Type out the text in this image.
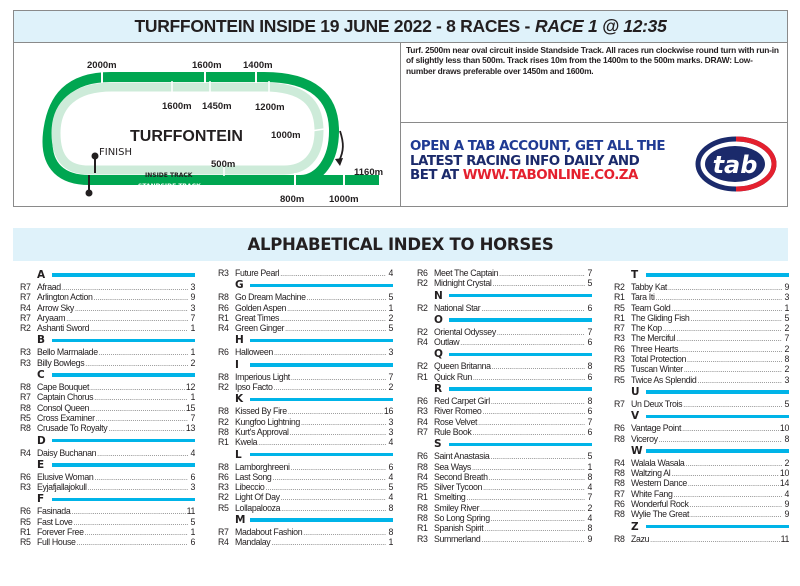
TURFFONTEIN INSIDE 19 JUNE 2022 - 8 RACES - RACE 1 @ 12:35
2000m	1600m 1400m
1160m
800m	1000m
1600m 1450m 1200m
1000m
500m
TURFFONTEIN
FINISH
INSIDE TRACK
STANDSIDE TRACK
Turf. 2500m near oval circuit inside Standside Track. All races run clockwise round turn with run-in of slightly less than 500m. Track rises 10m from the 1400m to the 500m marks. DRAW: Low-number draws preferable over 1450m and 1600m.
OPEN A TAB ACCOUNT, GET ALL THE
LATEST RACING INFO DAILY AND
BET AT WWW.TABONLINE.CO.ZA	tab
ALPHABETICAL INDEX TO HORSES
A
R7 Afraad .....	3
R7 Arlington Action .....	9
R4 Arrow Sky .....	3
R7 Aryaam .....	7
R2 Ashanti Sword .....	1
B
R3 Bello Marmalade .....	1
R3 Billy Bowlegs .....	2
C
R8 Cape Bouquet .....	12
R7 Captain Chorus .....	1
R8 Consol Queen .....	15
R5 Cross Examiner .....	7
R8 Crusade To Royalty .....	13
D
R4 Daisy Buchanan .....	4
E
R6 Elusive Woman .....	6
R3 Eyjafjallajokull .....	3
F
R6 Fasinada .....	11
R5 Fast Love .....	5
R1 Forever Free .....	1
R5 Full House .....	6
R3 Future Pearl .....	4
G
R8 Go Dream Machine .....	5
R6 Golden Aspen .....	1
R1 Great Times .....	2
R4 Green Ginger .....	5
H
R6 Halloween .....	3
I
R8 Imperious Light .....	7
R2 Ipso Facto .....	2
K
R8 Kissed By Fire .....	16
R2 Kungfoo Lightning .....	3
R8 Kurt's Approval .....	3
R1 Kwela .....	4
L
R8 Lamborghreeni .....	6
R6 Last Song .....	4
R3 Libeccio .....	5
R2 Light Of Day .....	4
R5 Lollapalooza .....	8
M
R7 Madabout Fashion .....	8
R4 Mandalay .....	1
R6 Meet The Captain .....	7
R2 Midnight Crystal .....	5
N
R2 National Star .....	6
O
R2 Oriental Odyssey .....	7
R4 Outlaw .....	6
Q
R2 Queen Britanna .....	8
R1 Quick Run .....	6
R
R6 Red Carpet Girl .....	8
R3 River Romeo .....	6
R4 Rose Velvet .....	7
R7 Rule Book .....	6
S
R6 Saint Anastasia .....	5
R8 Sea Ways .....	1
R4 Second Breath .....	8
R5 Silver Tycoon .....	4
R1 Smelting .....	7
R8 Smiley River .....	2
R8 So Long Spring .....	4
R1 Spanish Spirit .....	8
R3 Summerland .....	9
T
R2 Tabby Kat .....	9
R1 Tara Iti .....	3
R5 Team Gold .....	1
R1 The Gliding Fish .....	5
R7 The Kop .....	2
R3 The Merciful .....	7
R6 Three Hearts .....	2
R3 Total Protection .....	8
R5 Tuscan Winter .....	2
R5 Twice As Splendid .....	3
U
R7 Un Deux Trois .....	5
V
R6 Vantage Point .....	10
R8 Viceroy .....	8
W
R4 Walala Wasala .....	2
R8 Waltzing Al .....	10
R8 Western Dance .....	14
R7 White Fang .....	4
R6 Wonderful Rock .....	9
R8 Wylie The Great .....	9
Z
R8 Zazu .....	11
